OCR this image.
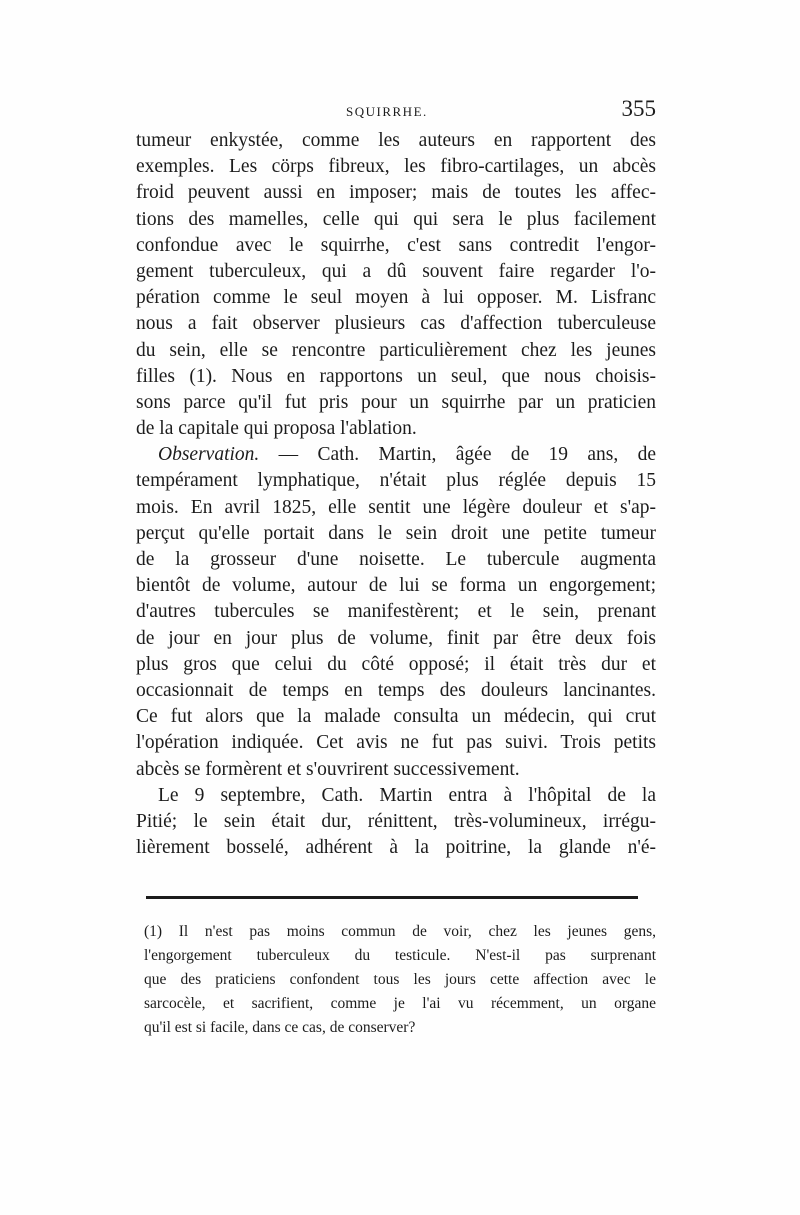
SQUIRRHE.	355
tumeur enkystée, comme les auteurs en rapportent des
exemples. Les cörps fibreux, les fibro-cartilages, un abcès
froid peuvent aussi en imposer; mais de toutes les affec-
tions des mamelles, celle qui qui sera le plus facilement
confondue avec le squirrhe, c'est sans contredit l'engor-
gement tuberculeux, qui a dû souvent faire regarder l'o-
pération comme le seul moyen à lui opposer. M. Lisfranc
nous a fait observer plusieurs cas d'affection tuberculeuse
du sein, elle se rencontre particulièrement chez les jeunes
filles (1). Nous en rapportons un seul, que nous choisis-
sons parce qu'il fut pris pour un squirrhe par un praticien
de la capitale qui proposa l'ablation.
Observation. — Cath. Martin, âgée de 19 ans, de
tempérament lymphatique, n'était plus réglée depuis 15
mois. En avril 1825, elle sentit une légère douleur et s'ap-
perçut qu'elle portait dans le sein droit une petite tumeur
de la grosseur d'une noisette. Le tubercule augmenta
bientôt de volume, autour de lui se forma un engorgement;
d'autres tubercules se manifestèrent; et le sein, prenant
de jour en jour plus de volume, finit par être deux fois
plus gros que celui du côté opposé; il était très dur et
occasionnait de temps en temps des douleurs lancinantes.
Ce fut alors que la malade consulta un médecin, qui crut
l'opération indiquée. Cet avis ne fut pas suivi. Trois petits
abcès se formèrent et s'ouvrirent successivement.
Le 9 septembre, Cath. Martin entra à l'hôpital de la
Pitié; le sein était dur, rénittent, très-volumineux, irrégu-
lièrement bosselé, adhérent à la poitrine, la glande n'é-
(1) Il n'est pas moins commun de voir, chez les jeunes gens,
l'engorgement tuberculeux du testicule. N'est-il pas surprenant
que des praticiens confondent tous les jours cette affection avec le
sarcocèle, et sacrifient, comme je l'ai vu récemment, un organe
qu'il est si facile, dans ce cas, de conserver?
